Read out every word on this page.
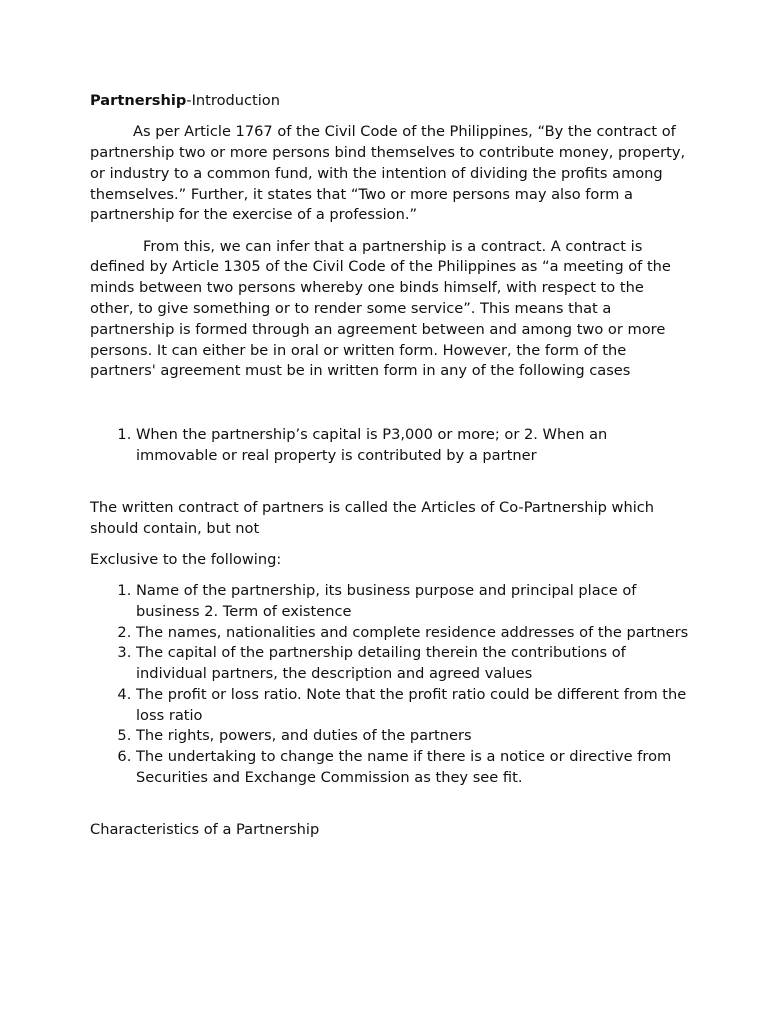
Partnership-Introduction

As per Article 1767 of the Civil Code of the Philippines, “By the contract of partnership two or more persons bind themselves to contribute money, property, or industry to a common fund, with the intention of dividing the profits among themselves.” Further, it states that “Two or more persons may also form a partnership for the exercise of a profession.”

From this, we can infer that a partnership is a contract. A contract is defined by Article 1305 of the Civil Code of the Philippines as “a meeting of the minds between two persons whereby one binds himself, with respect to the other, to give something or to render some service”. This means that a partnership is formed through an agreement between and among two or more persons. It can either be in oral or written form. However, the form of the partners' agreement must be in written form in any of the following cases

1. When the partnership’s capital is P3,000 or more; or 2. When an immovable or real property is contributed by a partner

The written contract of partners is called the Articles of Co-Partnership which should contain, but not

Exclusive to the following:

1. Name of the partnership, its business purpose and principal place of business 2. Term of existence
2. The names, nationalities and complete residence addresses of the partners
3. The capital of the partnership detailing therein the contributions of individual partners, the description and agreed values
4. The profit or loss ratio. Note that the profit ratio could be different from the loss ratio
5. The rights, powers, and duties of the partners
6. The undertaking to change the name if there is a notice or directive from Securities and Exchange Commission as they see fit.

Characteristics of a Partnership
